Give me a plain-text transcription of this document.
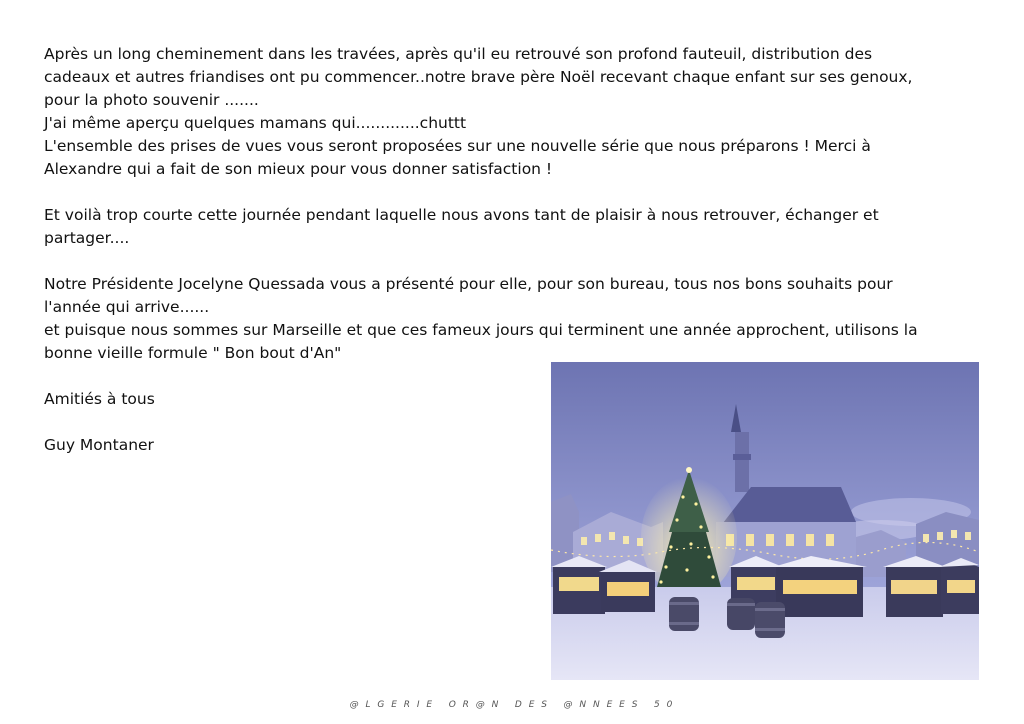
Après un long cheminement dans les travées, après qu'il eu retrouvé son profond fauteuil, distribution des
cadeaux et autres friandises ont pu commencer..notre brave père Noël recevant chaque enfant sur ses genoux,
pour la photo souvenir .......
J'ai même aperçu quelques mamans qui.............chuttt
L'ensemble des prises de vues vous seront proposées sur une nouvelle série que nous préparons ! Merci à
Alexandre qui a fait de son mieux pour vous donner satisfaction !
Et voilà trop courte cette journée pendant laquelle nous avons tant de plaisir à nous retrouver, échanger et
partager....
Notre Présidente Jocelyne Quessada vous a présenté pour elle, pour son bureau, tous nos bons souhaits pour
l'année qui arrive......
et puisque nous sommes sur Marseille et que ces fameux jours qui terminent une année approchent, utilisons la
bonne vieille formule " Bon bout d'An"
Amitiés à tous
Guy Montaner
@ L G E R I E   O R @ N   D E S   @ N N E E S   5 0
